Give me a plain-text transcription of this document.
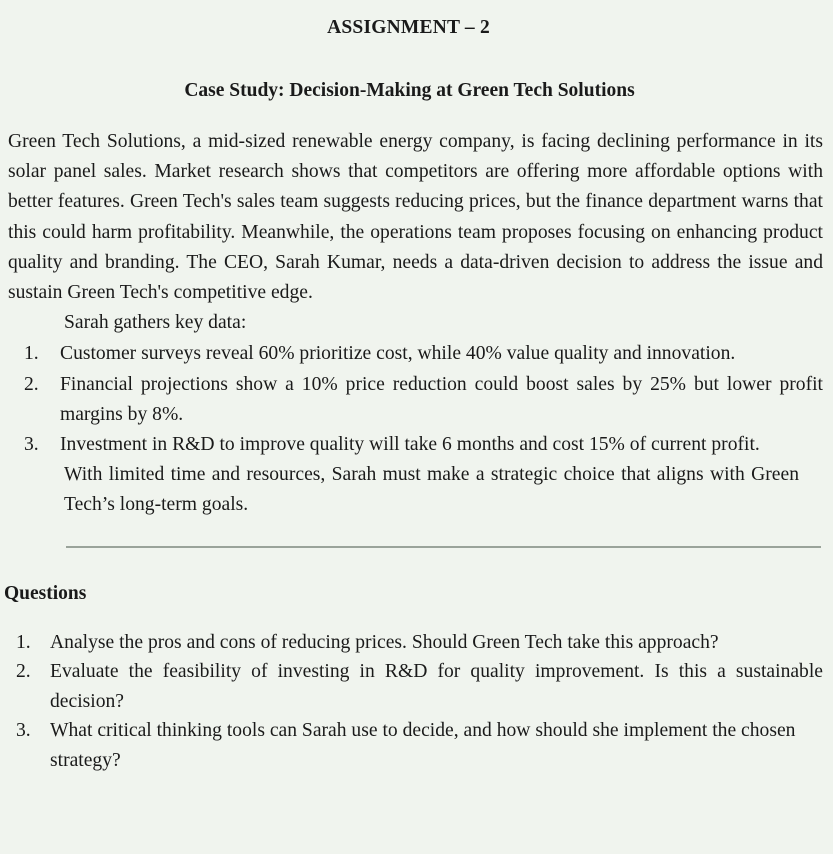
ASSIGNMENT – 2
Case Study: Decision-Making at Green Tech Solutions

Green Tech Solutions, a mid-sized renewable energy company, is facing declining performance in its solar panel sales. Market research shows that competitors are offering more affordable options with better features. Green Tech's sales team suggests reducing prices, but the finance department warns that this could harm profitability. Meanwhile, the operations team proposes focusing on enhancing product quality and branding. The CEO, Sarah Kumar, needs a data-driven decision to address the issue and sustain Green Tech's competitive edge.

Sarah gathers key data:

Customer surveys reveal 60% prioritize cost, while 40% value quality and innovation.
Financial projections show a 10% price reduction could boost sales by 25% but lower profit margins by 8%.
Investment in R&D to improve quality will take 6 months and cost 15% of current profit.

With limited time and resources, Sarah must make a strategic choice that aligns with Green Tech’s long-term goals.

Questions
Analyse the pros and cons of reducing prices. Should Green Tech take this approach?
Evaluate the feasibility of investing in R&D for quality improvement. Is this a sustainable decision?
What critical thinking tools can Sarah use to decide, and how should she implement the chosen strategy?
